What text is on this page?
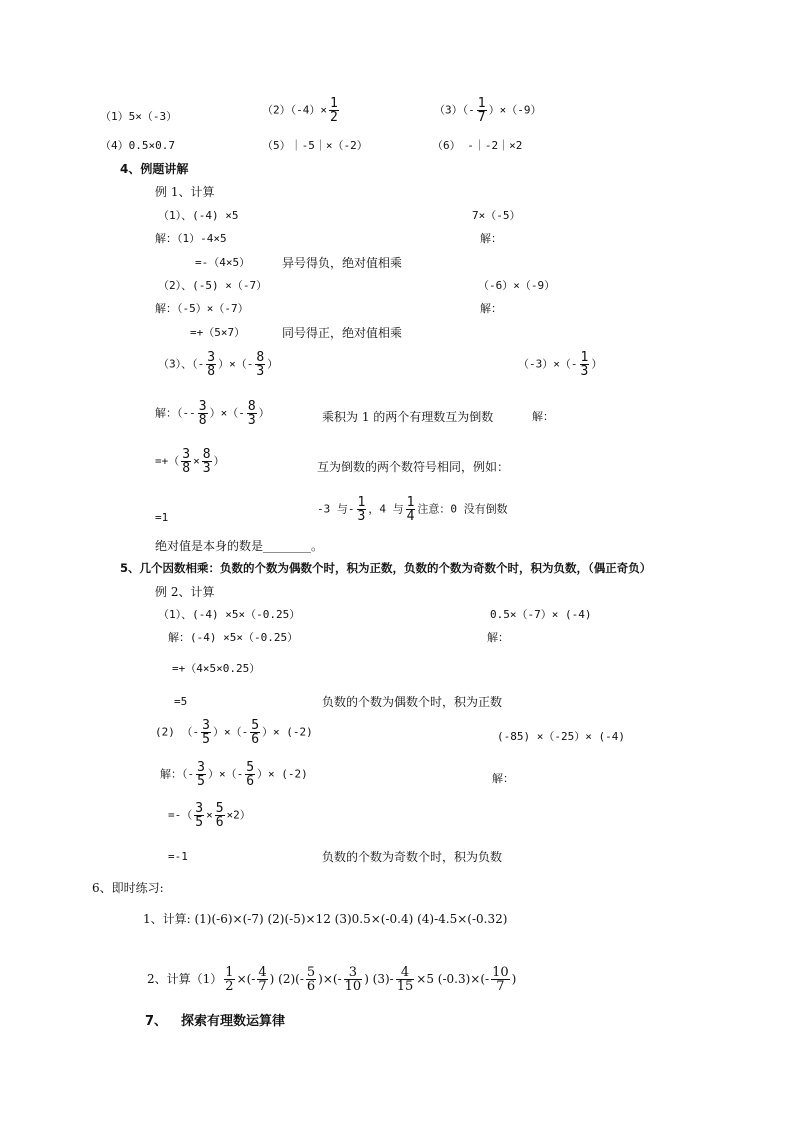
（1）5×（-3）	$(2)(-4)\times \frac{1}{2}$	$(3)(- \frac{1}{7} )\times(-9)$
（4）0.5×0.7	（5）｜-5｜×（-2）	（6） -｜-2｜×2
4、例题讲解
例 1、计算
（1）、(-4) ×5	7×（-5）
解：（1）-4×5	解：
=-（4×5）	异号得负，绝对值相乘
（2）、(-5) ×（-7）	（-6）×（-9）
解：（-5）×（-7）	解：
=+（5×7）	同号得正，绝对值相乘
（3）、（- $\frac{3}{8}$ ）×（- $\frac{8}{3}$ ）	$(-3)\times(- \frac{1}{3}$ ）
解：（-- $\frac{3}{8}$ ）×（- $\frac{8}{3}$ ）	乘积为 1 的两个有理数互为倒数	解：
=+（ $\frac{3}{8} \times \frac{8}{3}$ ）	互为倒数的两个数符号相同，例如：
=1
-3 与- $\frac{1}{3}$ ，4 与 $\frac{1}{4}$ 注意：0 没有倒数
绝对值是本身的数是________。
5、几个因数相乘：负数的个数为偶数个时，积为正数，负数的个数为奇数个时，积为负数，（偶正奇负）
例 2、计算
（1）、(-4) ×5×（-0.25）	0.5×（-7）× (-4)
解：(-4) ×5×（-0.25）	解：
=+（4×5×0.25）
=5	负数的个数为偶数个时，积为正数
(2) （- $\frac{3}{5}$ ）×（- $\frac{5}{6}$ ）× (-2)	(-85) ×（-25）× (-4)
解：（- $\frac{3}{5}$ ）×（- $\frac{5}{6}$ ）× (-2)	解：
=-（ $\frac{3}{5} \times \frac{5}{6} \times 2$）
=-1	负数的个数为奇数个时，积为负数
6、即时练习:
1、计算: (1)(-6)×(-7) (2)(-5)×12 (3)0.5×(-0.4) (4)-4.5×(-0.32)
2、计算$(1) \frac{1}{2}$ ×(- $\frac{4}{7}$ ) $(2)(- \frac{5}{6}$ )×(- $\frac{3}{10}$ ) $(3)- \frac{4}{15} \times 5$ $(-0.3)\times(- \frac{10}{7}$ )
7、 探索有理数运算律
